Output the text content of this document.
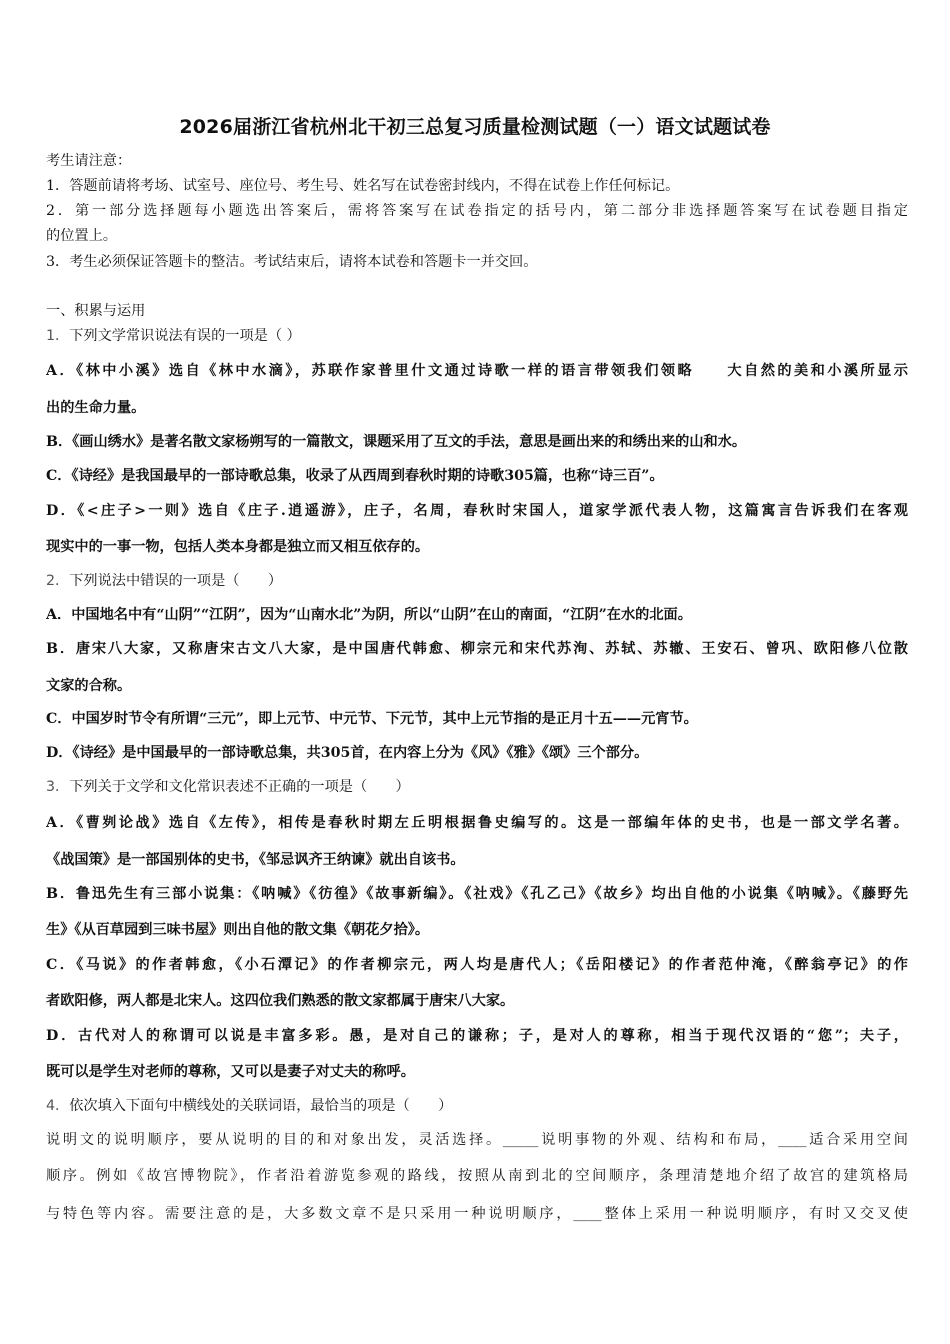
2026届浙江省杭州北干初三总复习质量检测试题（一）语文试题试卷
考生请注意：
1．答题前请将考场、试室号、座位号、考生号、姓名写在试卷密封线内，不得在试卷上作任何标记。
2．第一部分选择题每小题选出答案后，需将答案写在试卷指定的括号内，第二部分非选择题答案写在试卷题目指定
的位置上。
3．考生必须保证答题卡的整洁。考试结束后，请将本试卷和答题卡一并交回。
一、积累与运用
1．下列文学常识说法有误的一项是（ ）
A．《林中小溪》选自《林中水滴》，苏联作家普里什文通过诗歌一样的语言带领我们领略　　大自然的美和小溪所显示
出的生命力量。
B．《画山绣水》是著名散文家杨朔写的一篇散文，课题采用了互文的手法，意思是画出来的和绣出来的山和水。
C．《诗经》是我国最早的一部诗歌总集，收录了从西周到春秋时期的诗歌305篇，也称“诗三百”。
D．《<庄子>一则》选自《庄子.逍遥游》，庄子，名周，春秋时宋国人，道家学派代表人物，这篇寓言告诉我们在客观
现实中的一事一物，包括人类本身都是独立而又相互依存的。
2．下列说法中错误的一项是（　　）
A．中国地名中有“山阴”“江阴”，因为“山南水北”为阴，所以“山阴”在山的南面，“江阴”在水的北面。
B．唐宋八大家，又称唐宋古文八大家，是中国唐代韩愈、柳宗元和宋代苏洵、苏轼、苏辙、王安石、曾巩、欧阳修八位散
文家的合称。
C．中国岁时节令有所谓“三元”，即上元节、中元节、下元节，其中上元节指的是正月十五——元宵节。
D．《诗经》是中国最早的一部诗歌总集，共305首，在内容上分为《风》《雅》《颂》三个部分。
3．下列关于文学和文化常识表述不正确的一项是（　　）
A．《曹刿论战》选自《左传》，相传是春秋时期左丘明根据鲁史编写的。这是一部编年体的史书，也是一部文学名著。
《战国策》是一部国别体的史书，《邹忌讽齐王纳谏》就出自该书。
B．鲁迅先生有三部小说集：《呐喊》《彷徨》《故事新编》。《社戏》《孔乙己》《故乡》均出自他的小说集《呐喊》。《藤野先
生》《从百草园到三味书屋》则出自他的散文集《朝花夕拾》。
C．《马说》的作者韩愈，《小石潭记》的作者柳宗元，两人均是唐代人；《岳阳楼记》的作者范仲淹，《醉翁亭记》的作
者欧阳修，两人都是北宋人。这四位我们熟悉的散文家都属于唐宋八大家。
D．古代对人的称谓可以说是丰富多彩。愚，是对自己的谦称；子，是对人的尊称，相当于现代汉语的“您”；夫子，
既可以是学生对老师的尊称，又可以是妻子对丈夫的称呼。
4．依次填入下面句中横线处的关联词语，最恰当的项是（　　）
说明文的说明顺序，要从说明的目的和对象出发，灵活选择。_____说明事物的外观、结构和布局，____适合采用空间
顺序。例如《故宫博物院》，作者沿着游览参观的路线，按照从南到北的空间顺序，条理清楚地介绍了故宫的建筑格局
与特色等内容。需要注意的是，大多数文章不是只采用一种说明顺序，____整体上采用一种说明顺序，有时又交叉使
